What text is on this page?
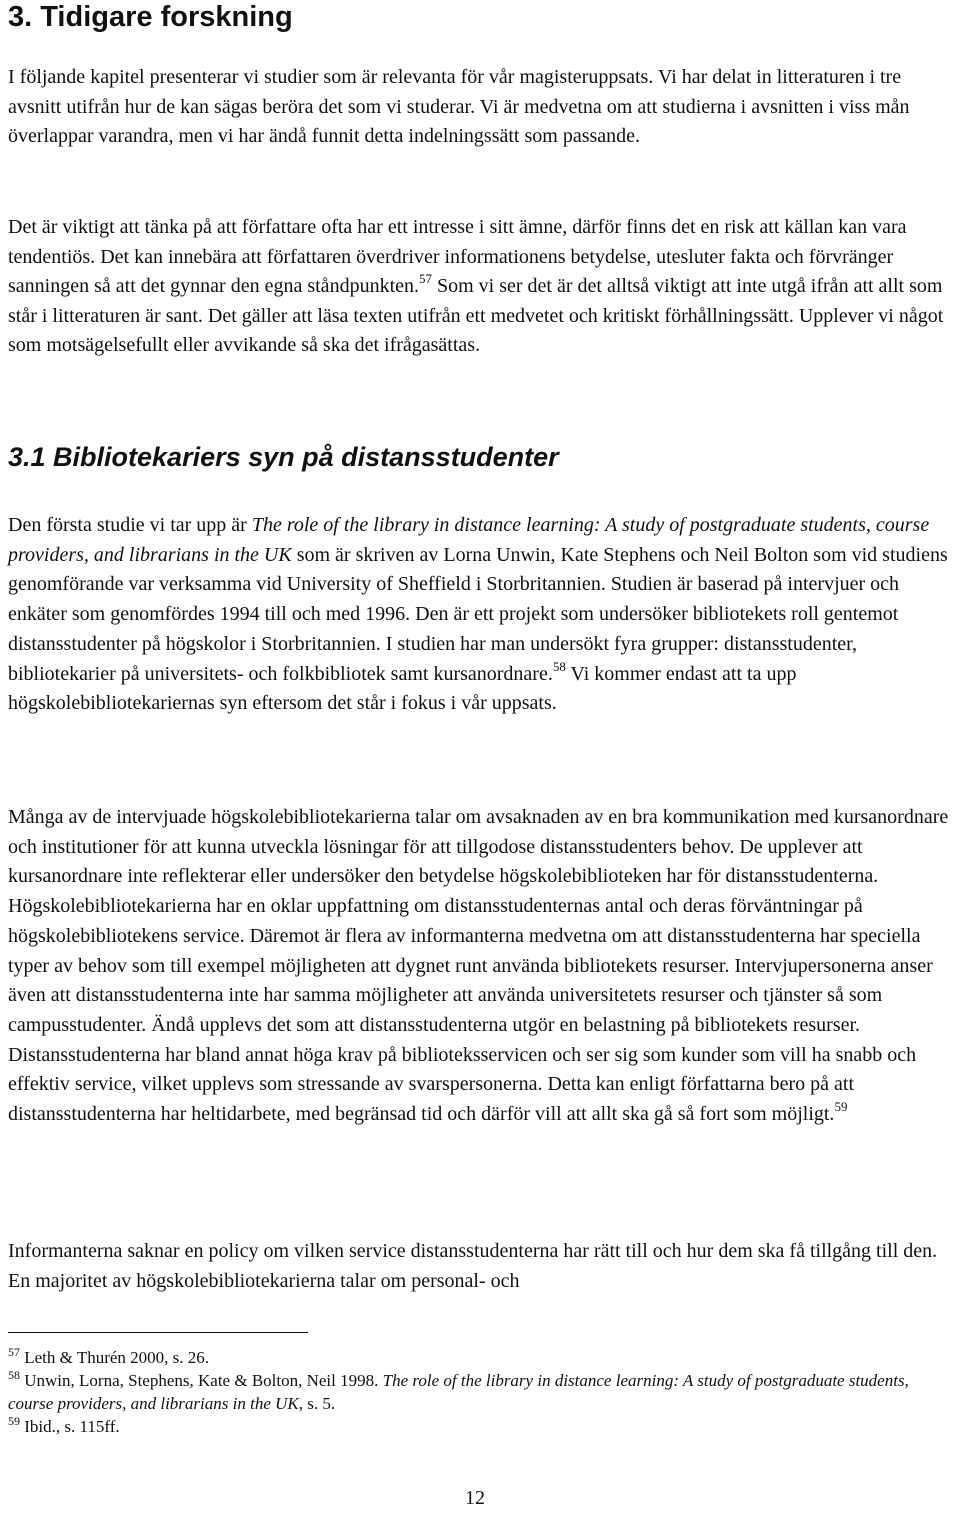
3. Tidigare forskning

I följande kapitel presenterar vi studier som är relevanta för vår magisteruppsats. Vi har delat in litteraturen i tre avsnitt utifrån hur de kan sägas beröra det som vi studerar. Vi är medvetna om att studierna i avsnitten i viss mån överlappar varandra, men vi har ändå funnit detta indelningssätt som passande.

Det är viktigt att tänka på att författare ofta har ett intresse i sitt ämne, därför finns det en risk att källan kan vara tendentiös. Det kan innebära att författaren överdriver informationens betydelse, utesluter fakta och förvränger sanningen så att det gynnar den egna ståndpunkten.$^{57}$ Som vi ser det är det alltså viktigt att inte utgå ifrån att allt som står i litteraturen är sant. Det gäller att läsa texten utifrån ett medvetet och kritiskt förhållningssätt. Upplever vi något som motsägelsefullt eller avvikande så ska det ifrågasättas.

3.1 Bibliotekariers syn på distansstudenter

Den första studie vi tar upp är The role of the library in distance learning: A study of postgraduate students, course providers, and librarians in the UK som är skriven av Lorna Unwin, Kate Stephens och Neil Bolton som vid studiens genomförande var verksamma vid University of Sheffield i Storbritannien. Studien är baserad på intervjuer och enkäter som genomfördes 1994 till och med 1996. Den är ett projekt som undersöker bibliotekets roll gentemot distansstudenter på högskolor i Storbritannien. I studien har man undersökt fyra grupper: distansstudenter, bibliotekarier på universitets- och folkbibliotek samt kursanordnare.$^{58}$ Vi kommer endast att ta upp högskolebibliotekariernas syn eftersom det står i fokus i vår uppsats.

Många av de intervjuade högskolebibliotekarierna talar om avsaknaden av en bra kommunikation med kursanordnare och institutioner för att kunna utveckla lösningar för att tillgodose distansstudenters behov. De upplever att kursanordnare inte reflekterar eller undersöker den betydelse högskolebiblioteken har för distansstudenterna. Högskolebibliotekarierna har en oklar uppfattning om distansstudenternas antal och deras förväntningar på högskolebibliotekens service. Däremot är flera av informanterna medvetna om att distansstudenterna har speciella typer av behov som till exempel möjligheten att dygnet runt använda bibliotekets resurser. Intervjupersonerna anser även att distansstudenterna inte har samma möjligheter att använda universitetets resurser och tjänster så som campusstudenter. Ändå upplevs det som att distansstudenterna utgör en belastning på bibliotekets resurser. Distansstudenterna har bland annat höga krav på biblioteksservicen och ser sig som kunder som vill ha snabb och effektiv service, vilket upplevs som stressande av svarspersonerna. Detta kan enligt författarna bero på att distansstudenterna har heltidarbete, med begränsad tid och därför vill att allt ska gå så fort som möjligt.$^{59}$

Informanterna saknar en policy om vilken service distansstudenterna har rätt till och hur dem ska få tillgång till den. En majoritet av högskolebibliotekarierna talar om personal- och

$^{57}$ Leth & Thurén 2000, s. 26.

$^{58}$ Unwin, Lorna, Stephens, Kate & Bolton, Neil 1998. The role of the library in distance learning: A study of postgraduate students, course providers, and librarians in the UK, s. 5.

$^{59}$ Ibid., s. 115ff.

12
